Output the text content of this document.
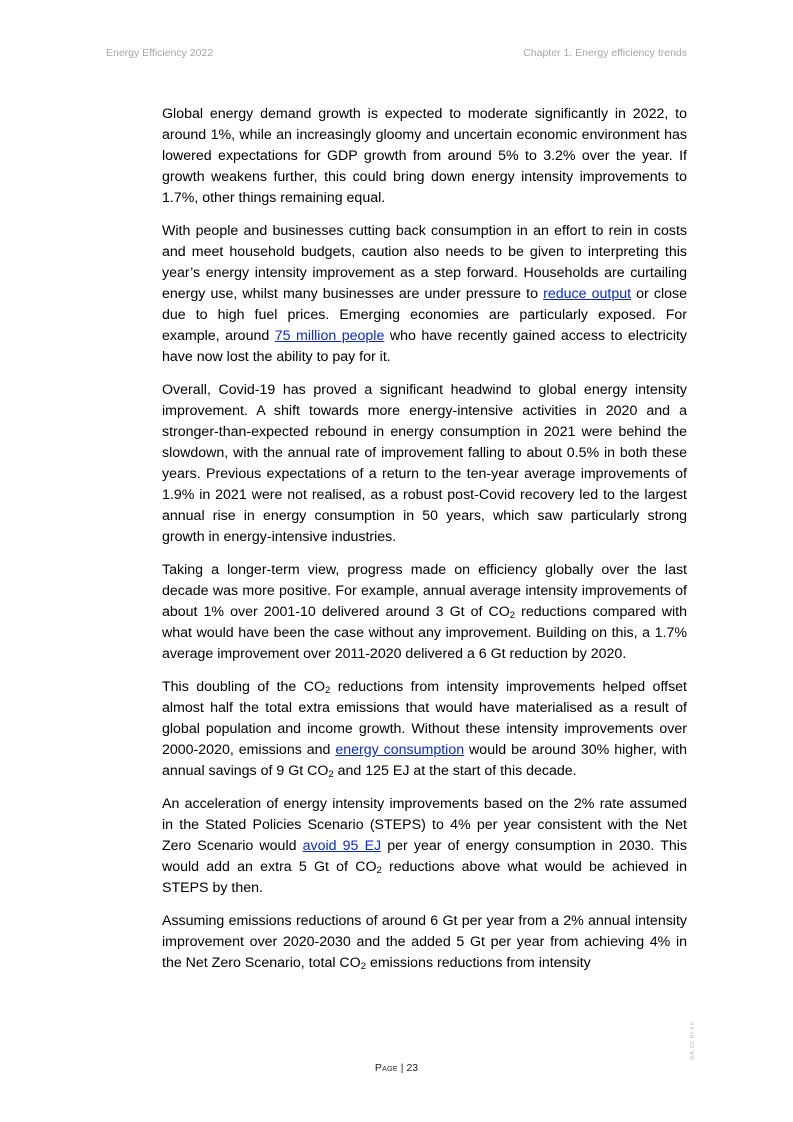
Energy Efficiency 2022	Chapter 1. Energy efficiency trends

Global energy demand growth is expected to moderate significantly in 2022, to around 1%, while an increasingly gloomy and uncertain economic environment has lowered expectations for GDP growth from around 5% to 3.2% over the year. If growth weakens further, this could bring down energy intensity improvements to 1.7%, other things remaining equal.

With people and businesses cutting back consumption in an effort to rein in costs and meet household budgets, caution also needs to be given to interpreting this year’s energy intensity improvement as a step forward. Households are curtailing energy use, whilst many businesses are under pressure to reduce output or close due to high fuel prices. Emerging economies are particularly exposed. For example, around 75 million people who have recently gained access to electricity have now lost the ability to pay for it.

Overall, Covid-19 has proved a significant headwind to global energy intensity improvement. A shift towards more energy-intensive activities in 2020 and a stronger-than-expected rebound in energy consumption in 2021 were behind the slowdown, with the annual rate of improvement falling to about 0.5% in both these years. Previous expectations of a return to the ten-year average improvements of 1.9% in 2021 were not realised, as a robust post-Covid recovery led to the largest annual rise in energy consumption in 50 years, which saw particularly strong growth in energy-intensive industries.

Taking a longer-term view, progress made on efficiency globally over the last decade was more positive. For example, annual average intensity improvements of about 1% over 2001-10 delivered around 3 Gt of $CO_2$ reductions compared with what would have been the case without any improvement. Building on this, a 1.7% average improvement over 2011-2020 delivered a 6 Gt reduction by 2020.

This doubling of the $CO_2$ reductions from intensity improvements helped offset almost half the total extra emissions that would have materialised as a result of global population and income growth. Without these intensity improvements over 2000-2020, emissions and energy consumption would be around 30% higher, with annual savings of 9 Gt $CO_2$ and 125 EJ at the start of this decade.

An acceleration of energy intensity improvements based on the 2% rate assumed in the Stated Policies Scenario (STEPS) to 4% per year consistent with the Net Zero Scenario would avoid 95 EJ per year of energy consumption in 2030. This would add an extra 5 Gt of $CO_2$ reductions above what would be achieved in STEPS by then.

Assuming emissions reductions of around 6 Gt per year from a 2% annual intensity improvement over 2020-2030 and the added 5 Gt per year from achieving 4% in the Net Zero Scenario, total $CO_2$ emissions reductions from intensity

Page | 23
IEA. CC BY 4.0.
